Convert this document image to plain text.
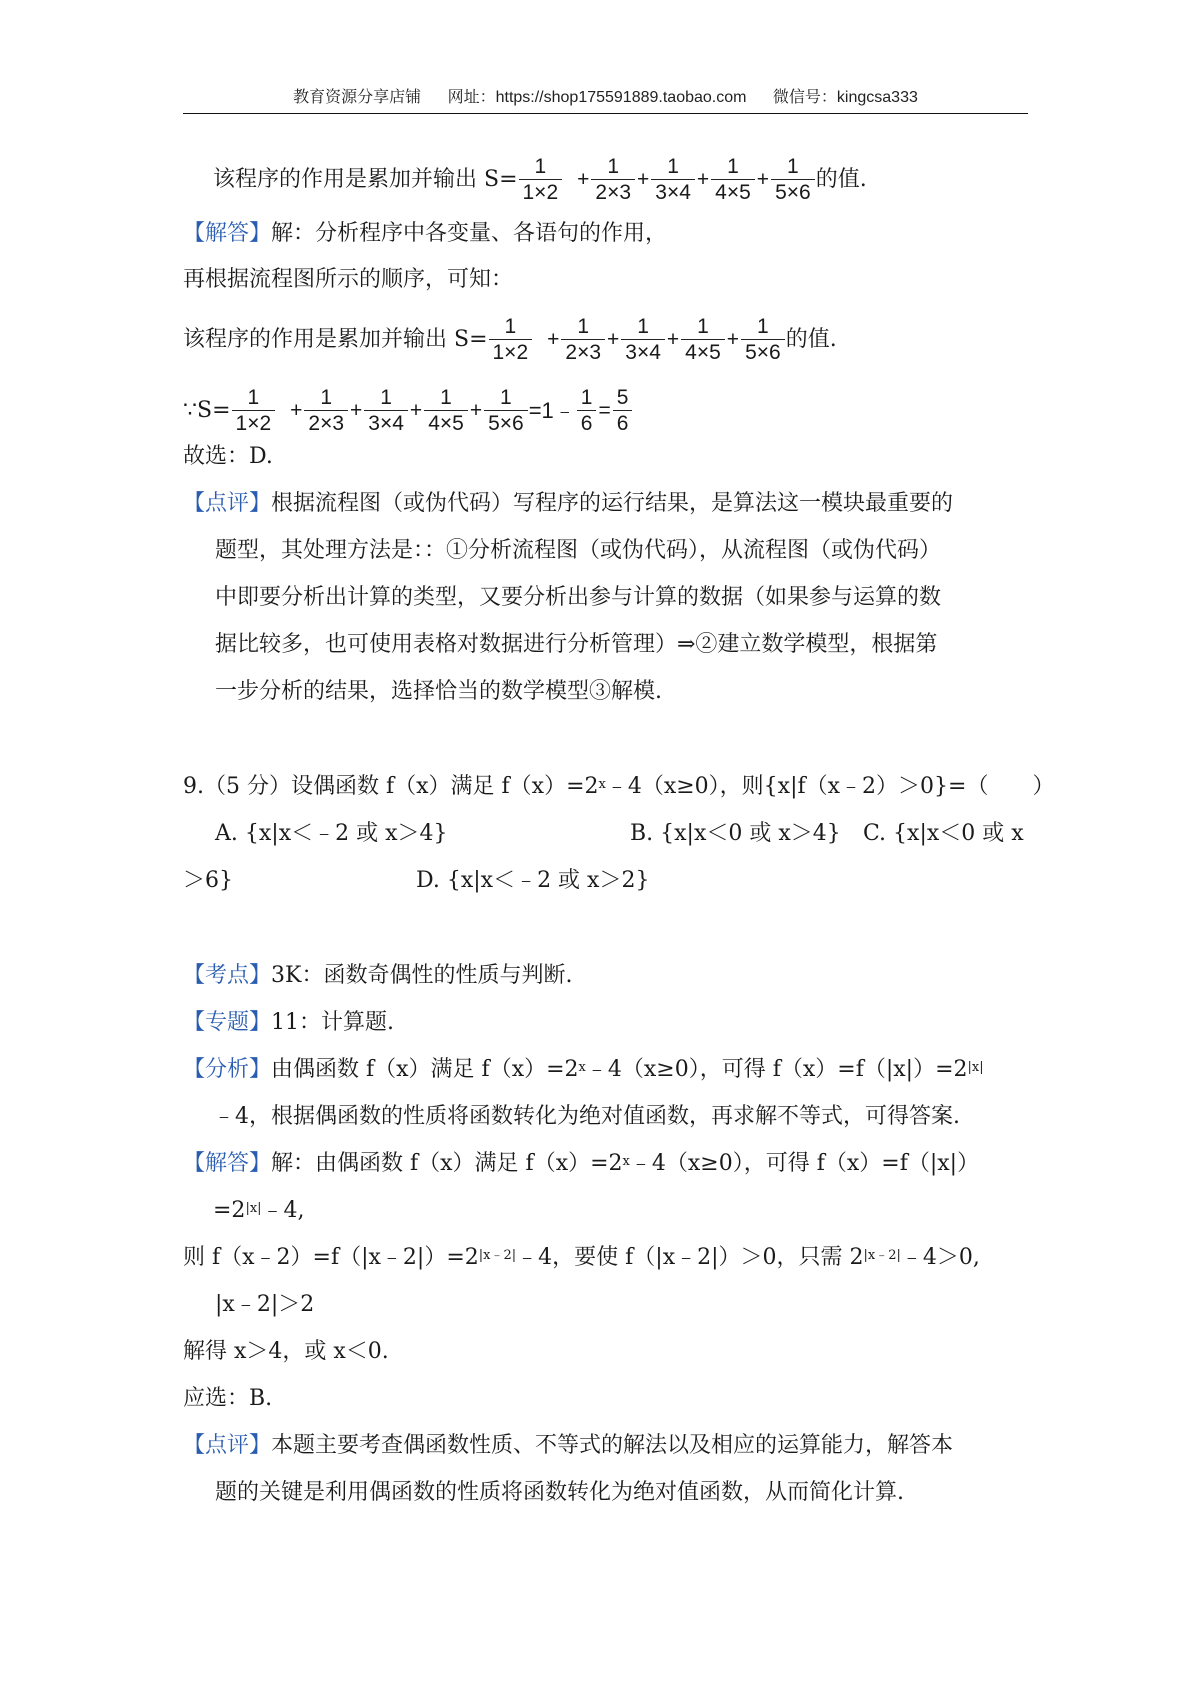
教育资源分享店铺 网址：https://shop175591889.taobao.com 微信号：kingcsa333
该程序的作用是累加并输出 $S= \frac{1}{1\times 2} + \frac{1}{2\times 3} + \frac{1}{3\times 4} + \frac{1}{4\times 5} + \frac{1}{5\times 6}$ 的值.
【解答】 解：分析程序中各变量、各语句的作用，
再根据流程图所示的顺序，可知：
该程序的作用是累加并输出 $S= \frac{1}{1\times 2} + \frac{1}{2\times 3} + \frac{1}{3\times 4} + \frac{1}{4\times 5} + \frac{1}{5\times 6}$ 的值.
∵S= $\frac{1}{1\times 2} + \frac{1}{2\times 3} + \frac{1}{3\times 4} + \frac{1}{4\times 5} + \frac{1}{5\times 6}$ =1﹣ $\frac{1}{6} = \frac{5}{6}$
故选：D.
【点评】 根据流程图（或伪代码）写程序的运行结果，是算法这一模块最重要的
题型，其处理方法是：：①分析流程图（或伪代码），从流程图（或伪代码）
中即要分析出计算的类型，又要分析出参与计算的数据（如果参与运算的数
据比较多，也可使用表格对数据进行分析管理）⇒②建立数学模型，根据第
一步分析的结果，选择恰当的数学模型③解模.
9.（5 分）设偶函数 f（x）满足 $f(x)=2^x$ ﹣4（x≥0），则{x|f（x﹣2）＞0}=（　　）
A. {x|x＜﹣2 或 x＞4}	B. {x|x＜0 或 x＞4} C. {x|x＜0 或 x
＞6}	D. {x|x＜﹣2 或 x＞2}
【考点】 3K：函数奇偶性的性质与判断.
【专题】 11：计算题.
【分析】 由偶函数 f（x）满足 $f(x)=2^x$ ﹣4（x≥0），可得 $f(x)=f(|x|)=2^{|x|}$
﹣4，根据偶函数的性质将函数转化为绝对值函数，再求解不等式，可得答案.
【解答】 解：由偶函数 f（x）满足 $f(x)=2^x$ ﹣4（x≥0），可得 f（x）=f（|x|）
$=2^{|x|}$ ﹣4,
则 $f(x﹣2)=f(|x﹣2|)=2^{|x﹣2|}$ ﹣4，要使 f（|x﹣2|）＞0，只需 $2^{|x﹣2|}$ ﹣4＞0,
|x﹣2|＞2
解得 x＞4，或 x＜0.
应选：B.
【点评】 本题主要考查偶函数性质、不等式的解法以及相应的运算能力，解答本
题的关键是利用偶函数的性质将函数转化为绝对值函数，从而简化计算.
